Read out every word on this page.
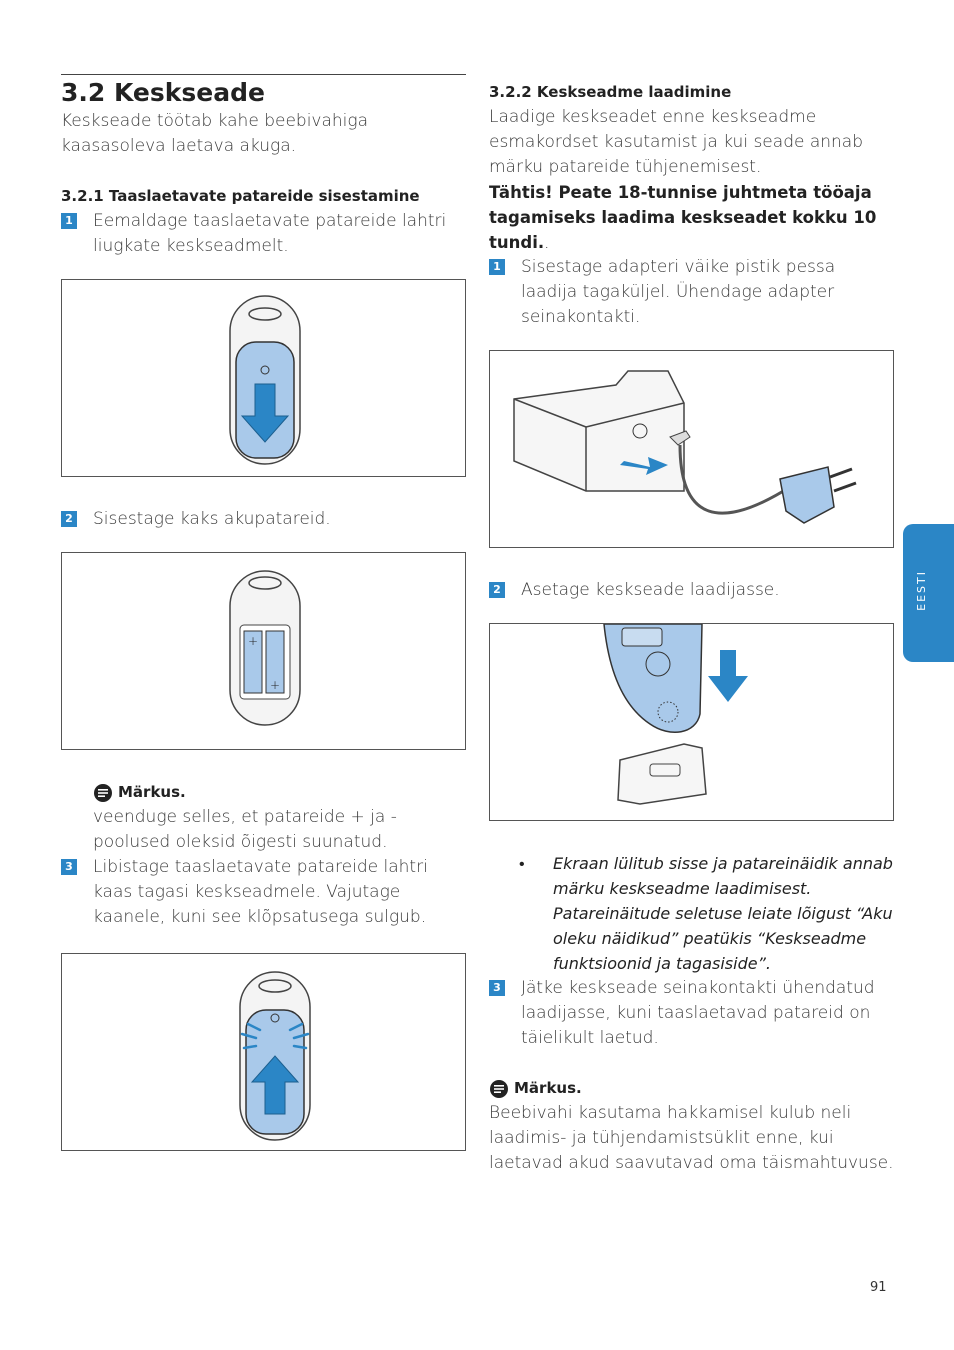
EESTI
3.2 Keskseade

Keskseade töötab kahe beebivahiga kaasasoleva laetava akuga.

3.2.1 Taaslaetavate patareide sisestamine
1 Eemaldage taaslaetavate patareide lahtri liugkate keskseadmelt.

2 Sisestage kaks akupatareid.

+
+
Märkus.

veenduge selles, et patareide + ja - poolused oleksid õigesti suunatud.

3 Libistage taaslaetavate patareide lahtri kaas tagasi keskseadmele. Vajutage kaanele, kuni see klõpsatusega sulgub.

3.2.2 Keskseadme laadimine

Laadige keskseadet enne keskseadme esmakordset kasutamist ja kui seade annab märku patareide tühjenemisest.

Tähtis! Peate 18-tunnise juhtmeta tööaja tagamiseks laadima keskseadet kokku 10 tundi..

1 Sisestage adapteri väike pistik pessa laadija tagaküljel. Ühendage adapter seinakontakti.

2 Asetage keskseade laadijasse.

•	Ekraan lülitub sisse ja patareinäidik annab märku keskseadme laadimisest. Patareinäitude seletuse leiate lõigust “Aku oleku näidikud” peatükis “Keskseadme funktsioonid ja tagasiside”.

3 Jätke keskseade seinakontakti ühendatud laadijasse, kuni taaslaetavad patareid on täielikult laetud.

Märkus.

Beebivahi kasutama hakkamisel kulub neli laadimis- ja tühjendamistsüklit enne, kui laetavad akud saavutavad oma täismahtuvuse.

91
